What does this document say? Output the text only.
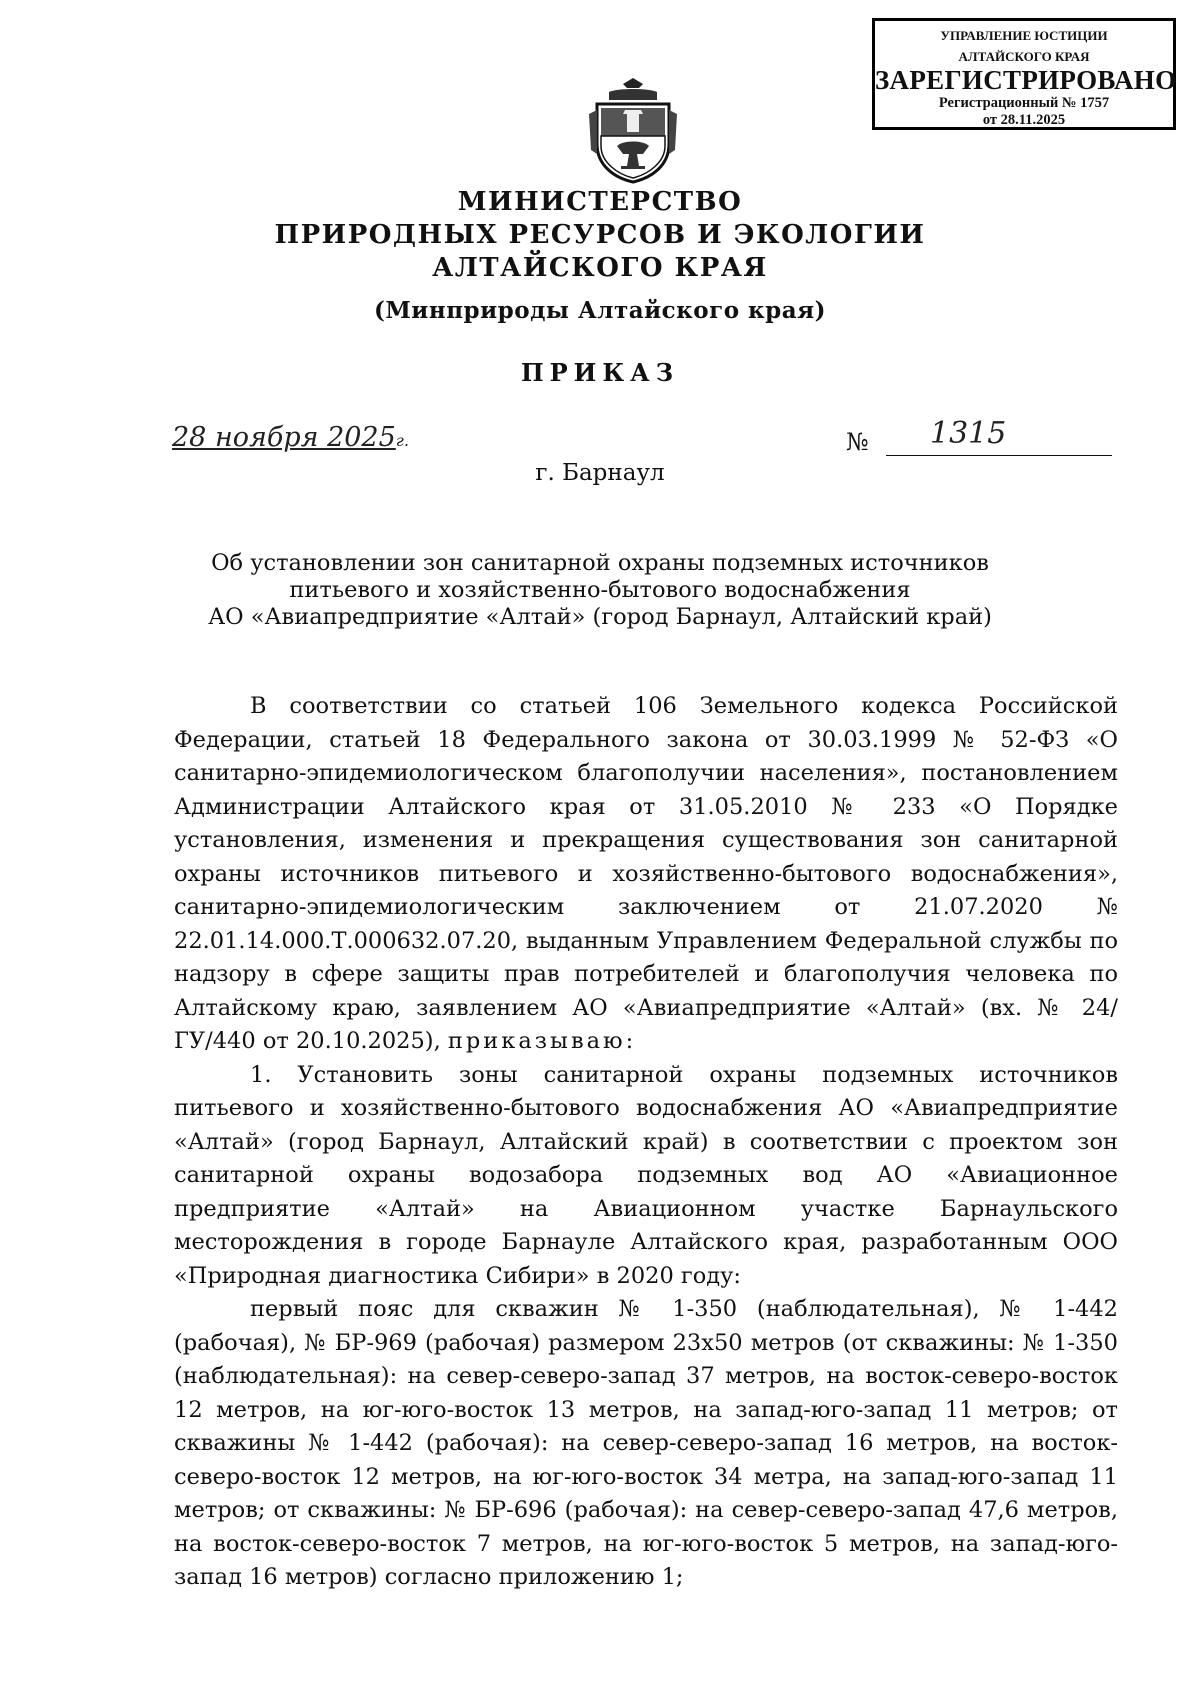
УПРАВЛЕНИЕ ЮСТИЦИИ
АЛТАЙСКОГО КРАЯ
ЗАРЕГИСТРИРОВАНО
Регистрационный № 1757
от 28.11.2025
МИНИСТЕРСТВО
ПРИРОДНЫХ РЕСУРСОВ И ЭКОЛОГИИ
АЛТАЙСКОГО КРАЯ
(Минприроды Алтайского края)
ПРИКАЗ
28 ноября 2025г.	№ 1315
г. Барнаул
Об установлении зон санитарной охраны подземных источников
питьевого и хозяйственно-бытового водоснабжения
АО «Авиапредприятие «Алтай» (город Барнаул, Алтайский край)

В соответствии со статьей 106 Земельного кодекса Российской Федерации, статьей 18 Федерального закона от 30.03.1999 № 52-ФЗ «О санитарно-эпидемиологическом благополучии населения», постановлением Администрации Алтайского края от 31.05.2010 № 233 «О Порядке установления, изменения и прекращения существования зон санитарной охраны источников питьевого и хозяйственно-бытового водоснабжения», санитарно-эпидемиологическим заключением от 21.07.2020 № 22.01.14.000.Т.000632.07.20, выданным Управлением Федеральной службы по надзору в сфере защиты прав потребителей и благополучия человека по Алтайскому краю, заявлением АО «Авиапредприятие «Алтай» (вх. № 24/ГУ/440 от 20.10.2025), приказываю:

1. Установить зоны санитарной охраны подземных источников питьевого и хозяйственно-бытового водоснабжения АО «Авиапредприятие «Алтай» (город Барнаул, Алтайский край) в соответствии с проектом зон санитарной охраны водозабора подземных вод АО «Авиационное предприятие «Алтай» на Авиационном участке Барнаульского месторождения в городе Барнауле Алтайского края, разработанным ООО «Природная диагностика Сибири» в 2020 году:

первый пояс для скважин № 1-350 (наблюдательная), № 1-442 (рабочая), № БР-969 (рабочая) размером 23x50 метров (от скважины: № 1-350 (наблюдательная): на север-северо-запад 37 метров, на восток-северо-восток 12 метров, на юг-юго-восток 13 метров, на запад-юго-запад 11 метров; от скважины № 1-442 (рабочая): на север-северо-запад 16 метров, на восток-северо-восток 12 метров, на юг-юго-восток 34 метра, на запад-юго-запад 11 метров; от скважины: № БР-696 (рабочая): на север-северо-запад 47,6 метров, на восток-северо-восток 7 метров, на юг-юго-восток 5 метров, на запад-юго-запад 16 метров) согласно приложению 1;
